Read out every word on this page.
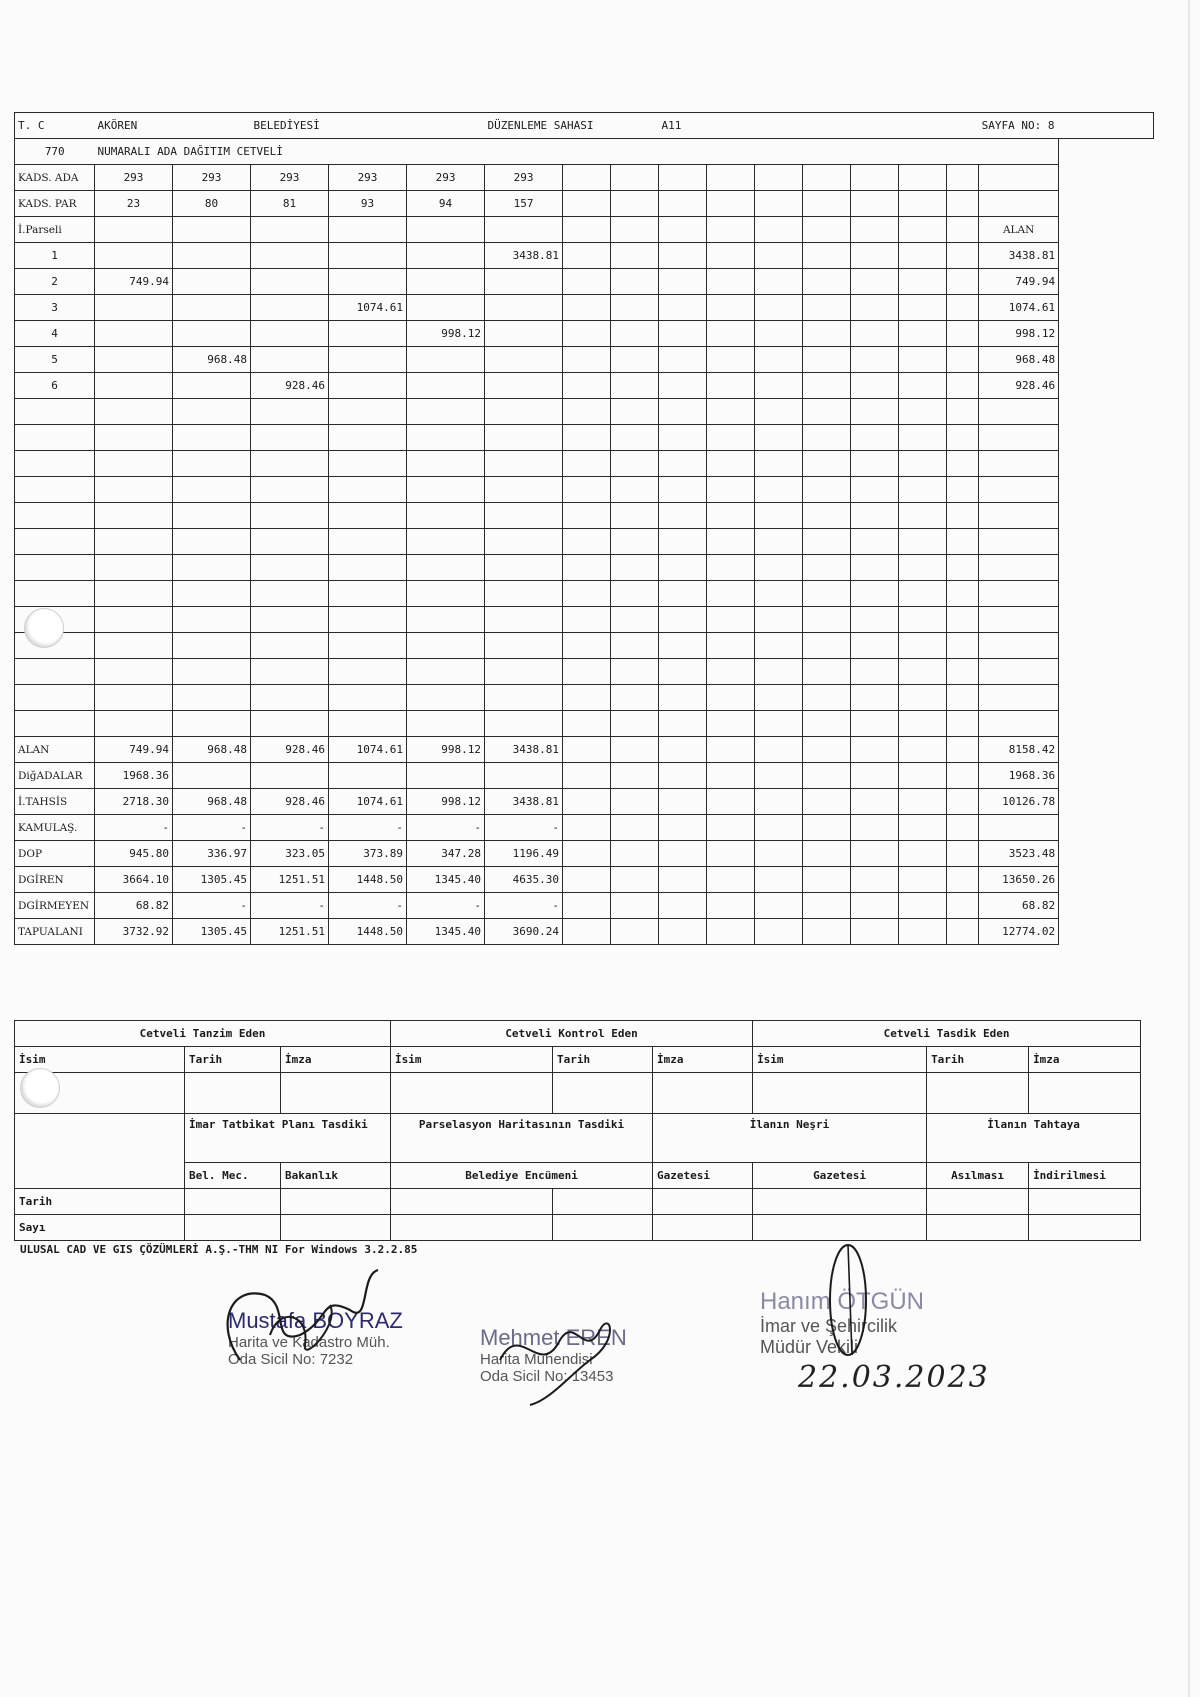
T. C	AKÖREN		BELEDİYESİ			DÜZENLEME SAHASI			A11							SAYFA NO: 8
770	NUMARALI ADA DAĞITIM CETVELİ															
KADS. ADA	293	293	293	293	293	293										
KADS. PAR	23	80	81	93	94	157										
İ.Parseli																ALAN
1						3438.81										3438.81
2	749.94															749.94
3				1074.61												1074.61
4					998.12											998.12
5		968.48														968.48
6			928.46													928.46

ALAN	749.94	968.48	928.46	1074.61	998.12	3438.81										8158.42
DiğADALAR	1968.36															1968.36
İ.TAHSİS	2718.30	968.48	928.46	1074.61	998.12	3438.81										10126.78
KAMULAŞ.	-	-	-	-	-	-										
DOP	945.80	336.97	323.05	373.89	347.28	1196.49										3523.48
DGİREN	3664.10	1305.45	1251.51	1448.50	1345.40	4635.30										13650.26
DGİRMEYEN	68.82	-	-	-	-	-										68.82
TAPUALANI	3732.92	1305.45	1251.51	1448.50	1345.40	3690.24										12774.02
Cetveli Tanzim Eden			Cetveli Kontrol Eden			Cetveli Tasdik Eden		
İsim	Tarih	İmza	İsim	Tarih	İmza	İsim	Tarih	İmza

	İmar Tatbikat Planı Tasdiki		Parselasyon Haritasının Tasdiki		İlanın Neşri		İlanın Tahtaya	
	Bel. Mec.	Bakanlık	Belediye Encümeni		Gazetesi	Gazetesi	Asılması	İndirilmesi
Tarih								
Sayı								
ULUSAL CAD VE GIS ÇÖZÜMLERİ A.Ş.-THM NI For Windows 3.2.2.85
Mustafa BOYRAZ
Harita ve Kadastro Müh.
Oda Sicil No: 7232
Mehmet EREN
Harita Mühendisi
Oda Sicil No: 13453
Hanım ÖTGÜN
İmar ve Şehircilik
Müdür Vekili
22.03.2023
